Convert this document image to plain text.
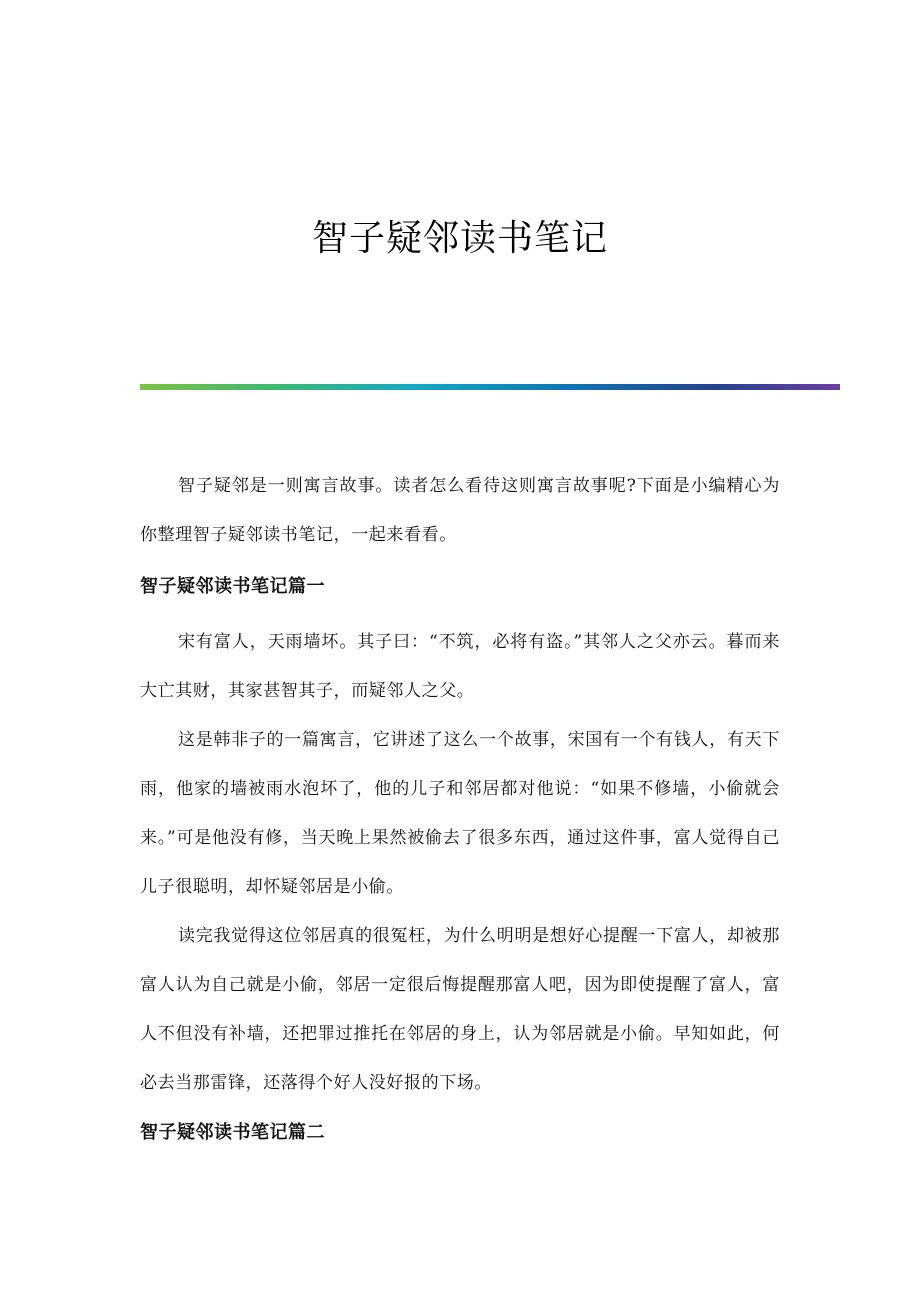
智子疑邻读书笔记

智子疑邻是一则寓言故事。读者怎么看待这则寓言故事呢?下面是小编精心为你整理智子疑邻读书笔记，一起来看看。

智子疑邻读书笔记篇一

宋有富人，天雨墙坏。其子曰：“不筑，必将有盗。”其邻人之父亦云。暮而来大亡其财，其家甚智其子，而疑邻人之父。

这是韩非子的一篇寓言，它讲述了这么一个故事，宋国有一个有钱人，有天下雨，他家的墙被雨水泡坏了，他的儿子和邻居都对他说：“如果不修墙，小偷就会来。”可是他没有修，当天晚上果然被偷去了很多东西，通过这件事，富人觉得自己儿子很聪明，却怀疑邻居是小偷。

读完我觉得这位邻居真的很冤枉，为什么明明是想好心提醒一下富人，却被那富人认为自己就是小偷，邻居一定很后悔提醒那富人吧，因为即使提醒了富人，富人不但没有补墙，还把罪过推托在邻居的身上，认为邻居就是小偷。早知如此，何必去当那雷锋，还落得个好人没好报的下场。

智子疑邻读书笔记篇二
